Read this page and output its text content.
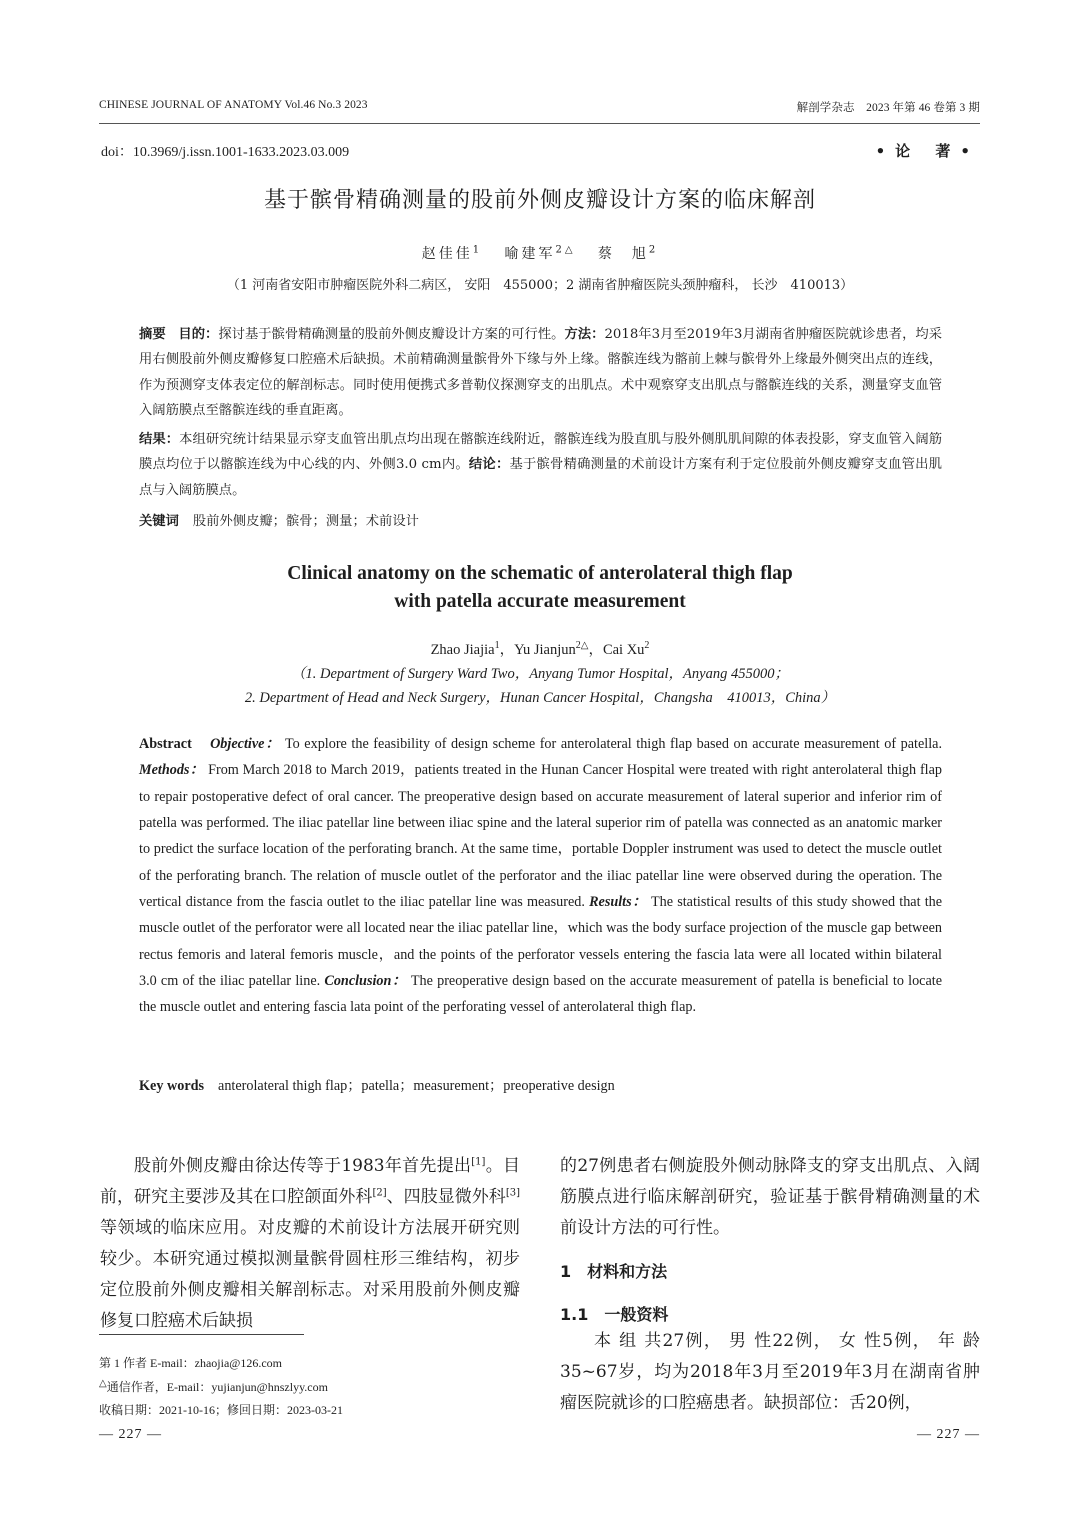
CHINESE JOURNAL OF ANATOMY Vol.46 No.3 2023	解剖学杂志　2023 年第 46 卷第 3 期
doi：10.3969/j.issn.1001-1633.2023.03.009	•论 著•
基于髌骨精确测量的股前外侧皮瓣设计方案的临床解剖
赵佳佳$^1$ 喻建军$^{2\triangle}$ 蔡　旭$^2$
（1 河南省安阳市肿瘤医院外科二病区， 安阳　455000；2 湖南省肿瘤医院头颈肿瘤科， 长沙　410013）
摘要 目的：探讨基于髌骨精确测量的股前外侧皮瓣设计方案的可行性。方法：2018年3月至2019年3月湖南省肿瘤医院就诊患者，均采用右侧股前外侧皮瓣修复口腔癌术后缺损。术前精确测量髌骨外下缘与外上缘。髂髌连线为髂前上棘与髌骨外上缘最外侧突出点的连线，作为预测穿支体表定位的解剖标志。同时使用便携式多普勒仪探测穿支的出肌点。术中观察穿支出肌点与髂髌连线的关系，测量穿支血管入阔筋膜点至髂髌连线的垂直距离。
结果：本组研究统计结果显示穿支血管出肌点均出现在髂髌连线附近，髂髌连线为股直肌与股外侧肌肌间隙的体表投影，穿支血管入阔筋膜点均位于以髂髌连线为中心线的内、外侧3.0 cm内。结论：基于髌骨精确测量的术前设计方案有利于定位股前外侧皮瓣穿支血管出肌点与入阔筋膜点。
关键词 股前外侧皮瓣；髌骨；测量；术前设计
Clinical anatomy on the schematic of anterolateral thigh flap
with patella accurate measurement
Zhao Jiajia$^1$，Yu Jianjun$^{2\triangle}$，Cai Xu$^2$
（1. Department of Surgery Ward Two，Anyang Tumor Hospital，Anyang 455000；
2. Department of Head and Neck Surgery，Hunan Cancer Hospital，Changsha　410013，China）
Abstract Objective： To explore the feasibility of design scheme for anterolateral thigh flap based on accurate measurement of patella. Methods： From March 2018 to March 2019，patients treated in the Hunan Cancer Hospital were treated with right anterolateral thigh flap to repair postoperative defect of oral cancer. The preoperative design based on accurate measurement of lateral superior and inferior rim of patella was performed. The iliac patellar line between iliac spine and the lateral superior rim of patella was connected as an anatomic marker to predict the surface location of the perforating branch. At the same time，portable Doppler instrument was used to detect the muscle outlet of the perforating branch. The relation of muscle outlet of the perforator and the iliac patellar line were observed during the operation. The vertical distance from the fascia outlet to the iliac patellar line was measured. Results： The statistical results of this study showed that the muscle outlet of the perforator were all located near the iliac patellar line，which was the body surface projection of the muscle gap between rectus femoris and lateral femoris muscle，and the points of the perforator vessels entering the fascia lata were all located within bilateral 3.0 cm of the iliac patellar line. Conclusion： The preoperative design based on the accurate measurement of patella is beneficial to locate the muscle outlet and entering fascia lata point of the perforating vessel of anterolateral thigh flap.
Key words anterolateral thigh flap；patella；measurement；preoperative design
股前外侧皮瓣由徐达传等于1983年首先提出[1]。目前，研究主要涉及其在口腔颌面外科[2]、四肢显微外科[3]等领域的临床应用。对皮瓣的术前设计方法展开研究则较少。本研究通过模拟测量髌骨圆柱形三维结构，初步定位股前外侧皮瓣相关解剖标志。对采用股前外侧皮瓣修复口腔癌术后缺损
的27例患者右侧旋股外侧动脉降支的穿支出肌点、入阔筋膜点进行临床解剖研究，验证基于髌骨精确测量的术前设计方法的可行性。
1　材料和方法
1.1　一般资料
本 组 共27例， 男 性22例， 女 性5例， 年 龄35~67岁，均为2018年3月至2019年3月在湖南省肿瘤医院就诊的口腔癌患者。缺损部位：舌20例，
第 1 作者 E-mail：zhaojia@126.com
△通信作者，E-mail：yujianjun@hnszlyy.com
收稿日期：2021-10-16；修回日期：2023-03-21
— 227 —	— 227 —
